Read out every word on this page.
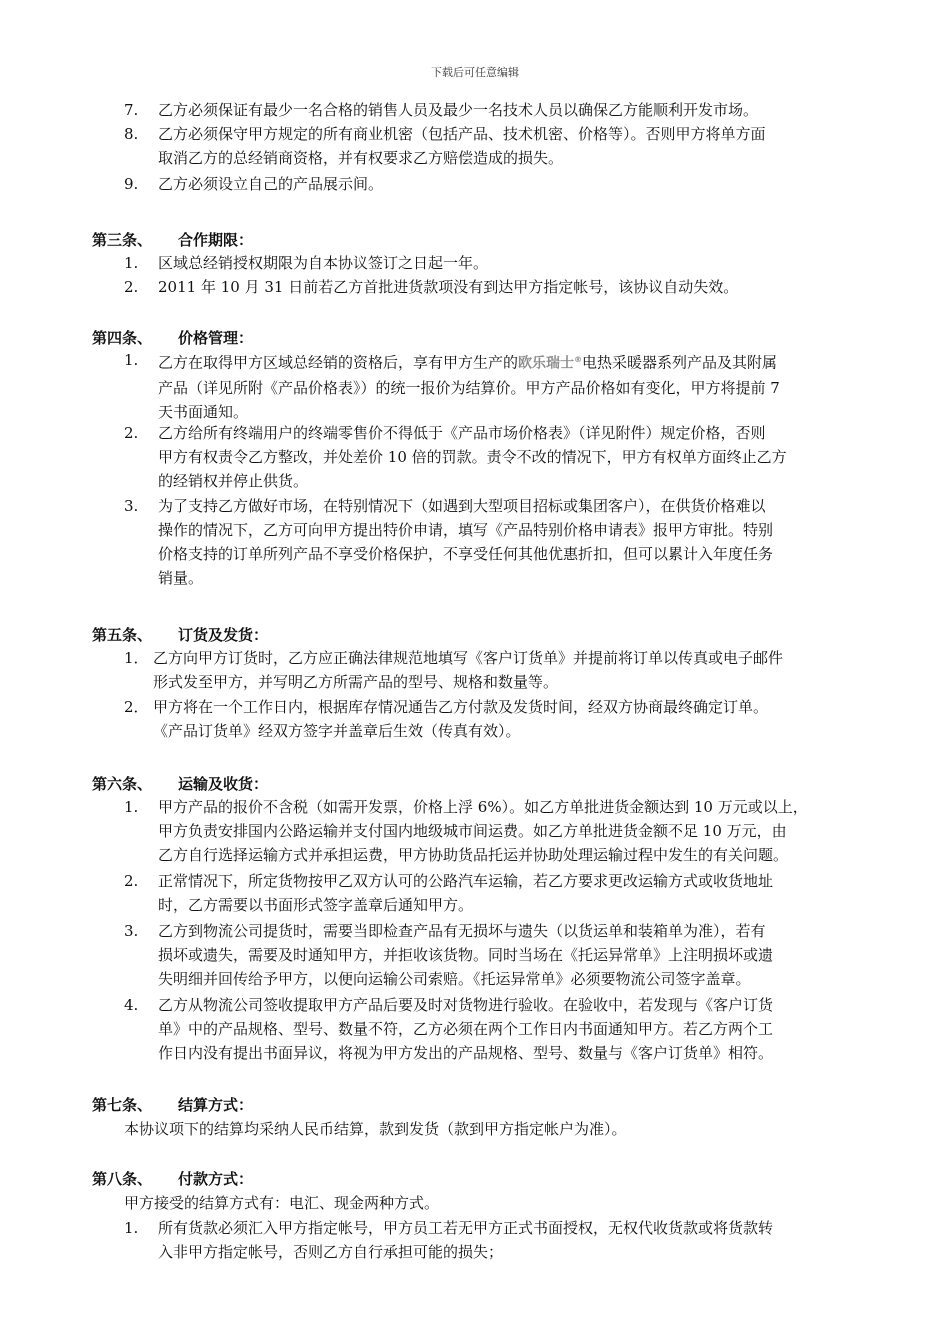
下载后可任意编辑
7.	乙方必须保证有最少一名合格的销售人员及最少一名技术人员以确保乙方能顺利开发市场。
8.	乙方必须保守甲方规定的所有商业机密（包括产品、技术机密、价格等）。否则甲方将单方面
取消乙方的总经销商资格，并有权要求乙方赔偿造成的损失。
9.	乙方必须设立自己的产品展示间。
第三条、 合作期限：
1.	区域总经销授权期限为自本协议签订之日起一年。
2.	2011 年 10 月 31 日前若乙方首批进货款项没有到达甲方指定帐号，该协议自动失效。
第四条、 价格管理：
1.	乙方在取得甲方区域总经销的资格后，享有甲方生产的欧乐瑞士®电热采暖器系列产品及其附属
产品（详见所附《产品价格表》）的统一报价为结算价。甲方产品价格如有变化，甲方将提前 7
天书面通知。
2.	乙方给所有终端用户的终端零售价不得低于《产品市场价格表》（详见附件）规定价格，否则
甲方有权责令乙方整改，并处差价 10 倍的罚款。责令不改的情况下，甲方有权单方面终止乙方
的经销权并停止供货。
3.	为了支持乙方做好市场，在特别情况下（如遇到大型项目招标或集团客户），在供货价格难以
操作的情况下，乙方可向甲方提出特价申请，填写《产品特别价格申请表》报甲方审批。特别
价格支持的订单所列产品不享受价格保护，不享受任何其他优惠折扣，但可以累计入年度任务
销量。
第五条、 订货及发货：
1． 乙方向甲方订货时，乙方应正确法律规范地填写《客户订货单》并提前将订单以传真或电子邮件
形式发至甲方，并写明乙方所需产品的型号、规格和数量等。
2． 甲方将在一个工作日内，根据库存情况通告乙方付款及发货时间，经双方协商最终确定订单。
《产品订货单》经双方签字并盖章后生效（传真有效）。
第六条、 运输及收货：
1.	甲方产品的报价不含税（如需开发票，价格上浮 6%）。如乙方单批进货金额达到 10 万元或以上，
甲方负责安排国内公路运输并支付国内地级城市间运费。如乙方单批进货金额不足 10 万元，由
乙方自行选择运输方式并承担运费，甲方协助货品托运并协助处理运输过程中发生的有关问题。
2.	正常情况下，所定货物按甲乙双方认可的公路汽车运输，若乙方要求更改运输方式或收货地址
时，乙方需要以书面形式签字盖章后通知甲方。
3.	乙方到物流公司提货时，需要当即检查产品有无损坏与遗失（以货运单和装箱单为准），若有
损坏或遗失，需要及时通知甲方，并拒收该货物。同时当场在《托运异常单》上注明损坏或遗
失明细并回传给予甲方，以便向运输公司索赔。《托运异常单》必须要物流公司签字盖章。
4.	乙方从物流公司签收提取甲方产品后要及时对货物进行验收。在验收中，若发现与《客户订货
单》中的产品规格、型号、数量不符，乙方必须在两个工作日内书面通知甲方。若乙方两个工
作日内没有提出书面异议，将视为甲方发出的产品规格、型号、数量与《客户订货单》相符。
第七条、 结算方式：
本协议项下的结算均采纳人民币结算，款到发货（款到甲方指定帐户为准）。
第八条、 付款方式：
甲方接受的结算方式有：电汇、现金两种方式。
1.	所有货款必须汇入甲方指定帐号，甲方员工若无甲方正式书面授权，无权代收货款或将货款转
入非甲方指定帐号，否则乙方自行承担可能的损失；
